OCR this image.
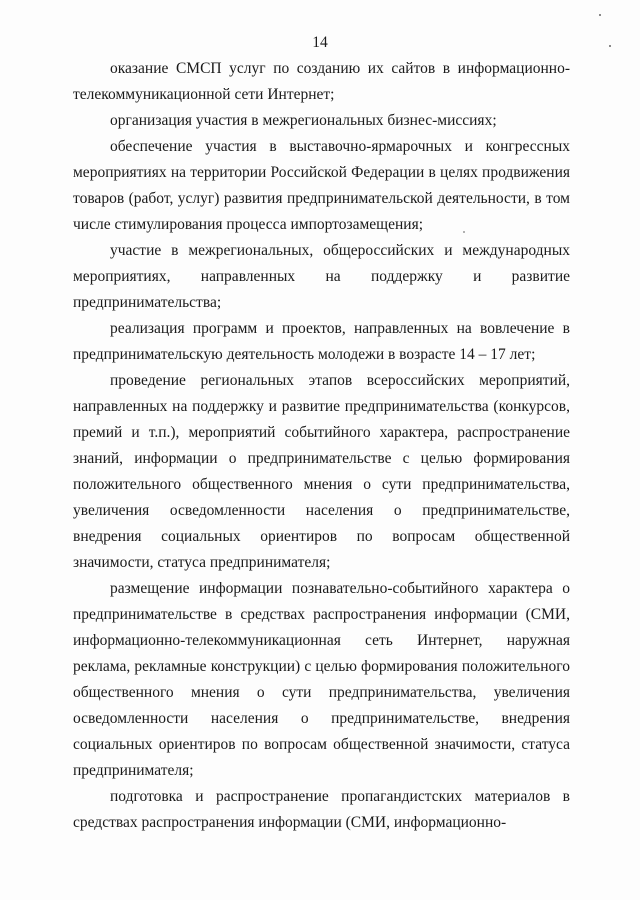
14

оказание СМСП услуг по созданию их сайтов в информационно-телекоммуникационной сети Интернет;

организация участия в межрегиональных бизнес-миссиях;

обеспечение участия в выставочно-ярмарочных и конгрессных мероприятиях на территории Российской Федерации в целях продвижения товаров (работ, услуг) развития предпринимательской деятельности, в том числе стимулирования процесса импортозамещения;

участие в межрегиональных, общероссийских и международных мероприятиях, направленных на поддержку и развитие предпринимательства;

реализация программ и проектов, направленных на вовлечение в предпринимательскую деятельность молодежи в возрасте 14 – 17 лет;

проведение региональных этапов всероссийских мероприятий, направленных на поддержку и развитие предпринимательства (конкурсов, премий и т.п.), мероприятий событийного характера, распространение знаний, информации о предпринимательстве с целью формирования положительного общественного мнения о сути предпринимательства, увеличения осведомленности населения о предпринимательстве, внедрения социальных ориентиров по вопросам общественной значимости, статуса предпринимателя;

размещение информации познавательно-событийного характера о предпринимательстве в средствах распространения информации (СМИ, информационно-телекоммуникационная сеть Интернет, наружная реклама, рекламные конструкции) с целью формирования положительного общественного мнения о сути предпринимательства, увеличения осведомленности населения о предпринимательстве, внедрения социальных ориентиров по вопросам общественной значимости, статуса предпринимателя;

подготовка и распространение пропагандистских материалов в средствах распространения информации (СМИ, информационно-
